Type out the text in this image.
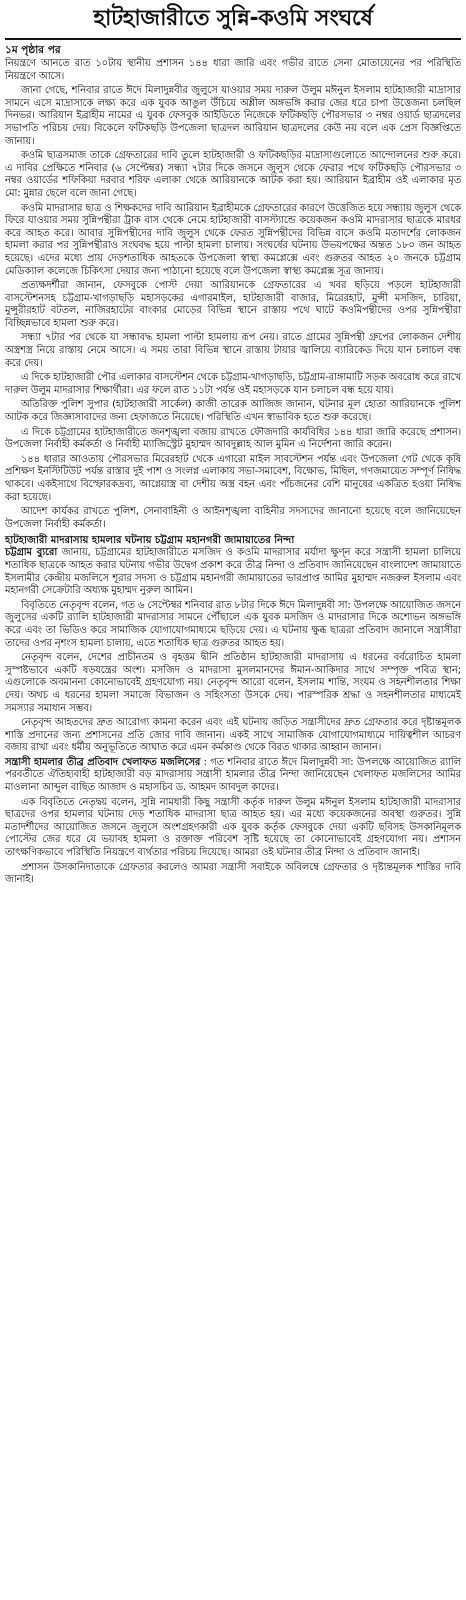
হাটহাজারীতে সুন্নি-কওমি সংঘর্ষে
১ম পৃষ্ঠার পর

নিয়ন্ত্রণে আনতে রাত ১০টায় স্থানীয় প্রশাসন ১৪৪ ধারা জারি এবং গভীর রাতে সেনা মোতায়েনের পর পরিস্থিতি নিয়ন্ত্রণে আসে।

জানা গেছে, শনিবার রাতে ঈদে মিলাদুন্নবীর জুলুসে যাওয়ার সময় দারুল উলুম মঈনুল ইসলাম হাটহাজারী মাদ্রাসার সামনে এসে মাদ্রাসাকে লক্ষ্য করে এক যুবক আঙুল উঁচিয়ে অশ্লীল অঙ্গভঙ্গি করার জের ধরে চাপা উত্তেজনা চলছিল দিনভর। আরিয়ান ইব্রাহীম নামের এ যুবক ফেসবুক আইডিতে নিজেকে ফটিকছড়ি পৌরসভার ৩ নম্বর ওয়ার্ড ছাত্রদলের সভাপতি পরিচয় দেয়। বিকেলে ফটিকছড়ি উপজেলা ছাত্রদল আরিয়ান ছাত্রদলের কেউ নয় বলে এক প্রেস বিজ্ঞপ্তিতে জানায়।

কওমি ছাত্রসমাজ তাকে গ্রেফতারের দাবি তুলে হাটহাজারী ও ফটিকছড়ির মাদ্রাসাগুলোতে আন্দোলনের শুরু করে। এ দাবির প্রেক্ষিতে শনিবার (৬ সেপ্টেম্বর) সন্ধ্যা ৭টার দিকে জসনে জুলুস থেকে ফেরার পথে ফটিকছড়ি পৌরসভার ৩ নম্বর ওয়ার্ডের শফিকিয়া দরবার শরিফ এলাকা থেকে আরিয়ানকে আটক করা হয়। আরিয়ান ইব্রাহীম ওই এলাকার মৃত মো: মুন্নার ছেলে বলে জানা গেছে।

কওমি মাদরাসার ছাত্র ও শিক্ষকদের দাবি আরিয়ান ইব্রাহীমকে গ্রেফতারের কারণে উত্তেজিত হয়ে সন্ধ্যায় জুলুস থেকে ফিরে যাওয়ার সময় সুন্নিপন্থীরা ট্রাক বাস থেকে নেমে হাটহাজারী বাসস্ট্যান্ডে কয়েকজন কওমি মাদরাসার ছাত্রকে মারধর করে আহত করে। আবার সুন্নিপন্থীদের দাবি জুলুস থেকে ফেরত সুন্নিপন্থীদের বিভিন্ন বাসে কওমি মতাদর্শের লোকজন হামলা করার পর সুন্নিপন্থীরাও সংঘবদ্ধ হয়ে পাল্টা হামলা চালায়। সংঘর্ষের ঘটনায় উভয়পক্ষের অন্তত ১৮০ জন আহত হয়েছে। এদের মধ্যে প্রায় দেড়শতাধিক আহতকে উপজেলা স্বাস্থ্য কমপ্লেক্সে এবং গুরুতর আহত ২০ জনকে চট্টগ্রাম মেডিক্যাল কলেজে চিকিৎসা দেয়ার জন্য পাঠানো হয়েছে বলে উপজেলা স্বাস্থ্য কমপ্লেক্স সূত্র জানায়।

প্রত্যক্ষদর্শীরা জানান, ফেসবুকে পোস্ট দেয়া আরিয়ানকে গ্রেফতারের এ খবর ছড়িয়ে পড়লে হাটহাজারী বাসস্টেশনসহ চট্টগ্রাম-খাগড়াছড়ি মহাসড়কের এগারমাইল, হাটহাজারী বাজার, মিরেরহাট, মুন্সী মসজিদ, চারিয়া, মুন্সুরীরহাট বটতল, নাজিরহাটের বাংকার মোড়ের বিভিন্ন স্থানে রাস্তায় পথে ঘাটে কওমিপন্থীদের ওপর সুন্নিপন্থীরা বিচ্ছিন্নভাবে হামলা শুরু করে।

সন্ধ্যা ৭টার পর থেকে যা সন্ধাবদ্ধ হামলা পাল্টা হামলায় রূপ নেয়। রাতে গ্রামের সুন্নিপন্থী গ্রুপের লোকজন দেশীয় অস্ত্রশস্ত্র নিয়ে রাস্তায় নেমে আসে। এ সময় তারা বিভিন্ন স্থানে রাস্তায় টায়ার জ্বালিয়ে ব্যারিকেড দিয়ে যান চলাচল বন্ধ করে দেয়।

এ দিকে হাটহাজারী পৌর এলাকার বাসস্টেশন থেকে চট্টগ্রাম-খাগড়াছড়ি, চট্টগ্রাম-রাঙ্গামাটি সড়ক অবরোধ করে রাখে দারুল উলুম মাদরাসার শিক্ষার্থীরা। এর ফলে রাত ১১টা পর্যন্ত ওই মহাসড়কে যান চলাচল বন্ধ হয়ে যায়।

অতিরিক্ত পুলিশ সুপার (হাটহাজারী সার্কেল) কাজী তারেক আজিজ জানান, ঘটনার মূল হোতা আরিয়ানকে পুলিশ আটক করে জিজ্ঞাসাবাদের জন্য হেফাজতে নিয়েছে। পরিস্থিতি এখন স্বাভাবিক হতে শুরু করেছে।

এ দিকে চট্টগ্রামের হাটহাজারীতে জনশৃঙ্খলা বজায় রাখতে ফৌজদারি কার্যবিধির ১৪৪ ধারা জারি করেছে প্রশাসন। উপজেলা নির্বাহী কর্মকর্তা ও নির্বাহী ম্যাজিস্ট্রেট মুহাম্মদ আবদুল্লাহ আল মুমিন এ নির্দেশনা জারি করেন।

১৪৪ ধারার আওতায় পৌরসভার মিরেরহাট থেকে এগারো মাইল সাবস্টেশন পর্যন্ত এবং উপজেলা গেট থেকে কৃষি প্রশিক্ষণ ইনস্টিটিউট পর্যন্ত রাস্তার দুই পাশ ও সংলগ্ন এলাকায় সভা-সমাবেশ, বিক্ষোভ, মিছিল, গণজমায়েত সম্পূর্ণ নিষিদ্ধ থাকবে। একইসাথে বিস্ফোরকদ্রব্য, আগ্নেয়াস্ত্র বা দেশীয় অস্ত্র বহন এবং পাঁচজনের বেশি মানুষের একত্রিত হওয়া নিষিদ্ধ করা হয়েছে।

আদেশ কার্যকর রাখতে পুলিশ, সেনাবাহিনী ও আইনশৃঙ্খলা বাহিনীর সদস্যদের জানানো হয়েছে বলে জানিয়েছেন উপজেলা নির্বাহী কর্মকর্তা।

হাটহাজারী মাদরাসায় হামলার ঘটনায় চট্টগ্রাম মহানগরী জামায়াতের নিন্দা

চট্টগ্রাম ব্যুরো জানায়, চট্টগ্রামের হাটহাজারীতে মসজিদ ও কওমি মাদরাসার মর্যাদা ক্ষুণ্ন করে সন্ত্রাসী হামলা চালিয়ে শতাধিক ছাত্রকে আহত করার ঘটনায় গভীর উদ্বেগ প্রকাশ করে তীব্র নিন্দা ও প্রতিবাদ জানিয়েছেন বাংলাদেশ জামায়াতে ইসলামীর কেন্দ্রীয় মজলিসে শূরার সদস্য ও চট্টগ্রাম মহানগরী জামায়াতের ভারপ্রাপ্ত আমির মুহাম্মদ নজরুল ইসলাম এবং মহানগরী সেক্রেটারি অধ্যক্ষ মুহাম্মদ নুরুল আমিন।

বিবৃতিতে নেতৃবৃন্দ বলেন, গত ৬ সেপ্টেম্বর শনিবার রাত ৮টার দিকে ঈদে মিলাদুন্নবী সা: উপলক্ষে আয়োজিত জসনে জুলুসের একটি র‍্যালি হাটহাজারী মাদরাসার সামনে পৌঁছালে এক যুবক মসজিদ ও মাদরাসার দিকে অশোভন অঙ্গভঙ্গি করে এবং তা ভিডিও করে সামাজিক যোগাযোগমাধ্যমে ছড়িয়ে দেয়। এ ঘটনায় ক্ষুব্ধ ছাত্ররা প্রতিবাদ জানালে সন্ত্রাসীরা তাদের ওপর নৃশংস হামলা চালায়, এতে শতাধিক ছাত্র গুরুতর আহত হয়।

নেতৃবৃন্দ বলেন, দেশের প্রাচীনতম ও বৃহত্তম দ্বীনি প্রতিষ্ঠান হাটহাজারী মাদরাসায় এ ধরনের বর্বরোচিত হামলা সুস্পষ্টভাবে একটি ষড়যন্ত্রের অংশ। মসজিদ ও মাদরাসা মুসলমানদের ঈমান-আকিদার সাথে সম্পৃক্ত পবিত্র স্থান; এগুলোকে অবমাননা কোনোভাবেই গ্রহণযোগ্য নয়। নেতৃবৃন্দ আরো বলেন, ইসলাম শান্তি, সংযম ও সহনশীলতার শিক্ষা দেয়। অথচ এ ধরনের হামলা সমাজে বিভাজন ও সহিংসতা উসকে দেয়। পারস্পরিক শ্রদ্ধা ও সহনশীলতার মাধ্যমেই সমস্যার সমাধান সম্ভব।

নেতৃবৃন্দ আহতদের দ্রুত আরোগ্য কামনা করেন এবং এই ঘটনায় জড়িত সন্ত্রাসীদের দ্রুত গ্রেফতার করে দৃষ্টান্তমূলক শাস্তি প্রদানের জন্য প্রশাসনের প্রতি জোর দাবি জানান। একই সাথে সামাজিক যোগাযোগমাধ্যমে দায়িত্বশীল আচরণ বজায় রাখা এবং ধর্মীয় অনুভূতিতে আঘাত করে এমন কর্মকাণ্ড থেকে বিরত থাকার আহ্বান জানান।

সন্ত্রাসী হামলার তীব্র প্রতিবাদ খেলাফত মজলিসের : গত শনিবার রাতে ঈদে মিলাদুন্নবী সা: উপলক্ষে আয়োজিত র‍্যালি পরবর্তীতে ঐতিহ্যবাহী হাটহাজারী বড় মাদরাসায় সন্ত্রাসী হামলার তীব্র নিন্দা জানিয়েছেন খেলাফত মজলিসের আমির মাওলানা আব্দুল বাছিত আজাদ ও মহাসচিব ড. আহমদ আবদুল কাদের।

এক বিবৃতিতে নেতৃদ্বয় বলেন, সুন্নি নামধারী কিছু সন্ত্রাসী কর্তৃক দারুল উলুম মঈনুল ইসলাম হাটহাজারী মাদরাসার ছাত্রদের ওপর হামলার ঘটনায় দেড় শতাধিক মাদরাসা ছাত্র আহত হয়। এর মধ্যে কয়েকজনের অবস্থা গুরুতর। সুন্নি মতাদর্শীদের আয়োজিত জসনে জুলুসে অংশগ্রহণকারী এক যুবক কর্তৃক ফেসবুকে দেয়া একটি ছবিসহ উসকানিমূলক পোস্টের জের ধরে যে ভয়াবহ হামলা ও রক্তাক্ত পরিবেশ সৃষ্টি হয়েছে তা কোনোভাবেই গ্রহণযোগ্য নয়। প্রশাসন তাৎক্ষণিকভাবে পরিস্থিতি নিয়ন্ত্রণে ব্যর্থতার পরিচয় দিয়েছে। আমরা ওই ঘটনার তীব্র নিন্দা ও প্রতিবাদ জানাই।

প্রশাসন উসকানিদাতাকে গ্রেফতার করলেও আমরা সন্ত্রাসী সবাইকে অবিলম্বে গ্রেফতার ও দৃষ্টান্তমূলক শাস্তির দাবি জানাই।
